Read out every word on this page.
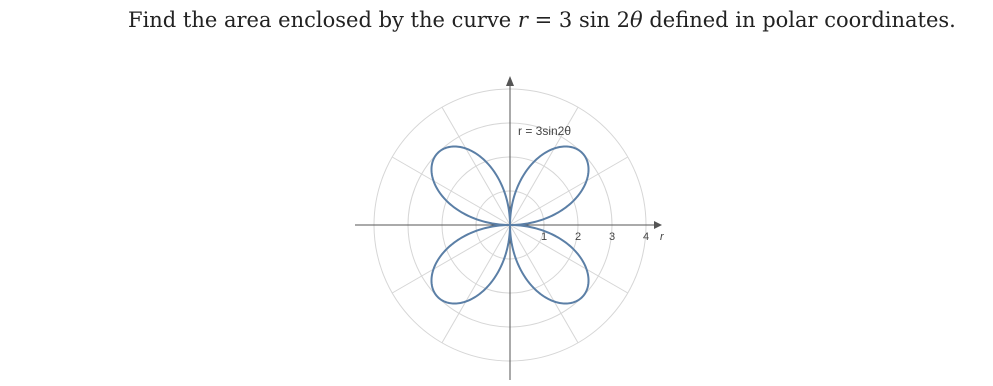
Find the area enclosed by the curve r = 3 sin 2θ defined in polar coordinates.
1	2	3	4 r
r = 3sin2θ
